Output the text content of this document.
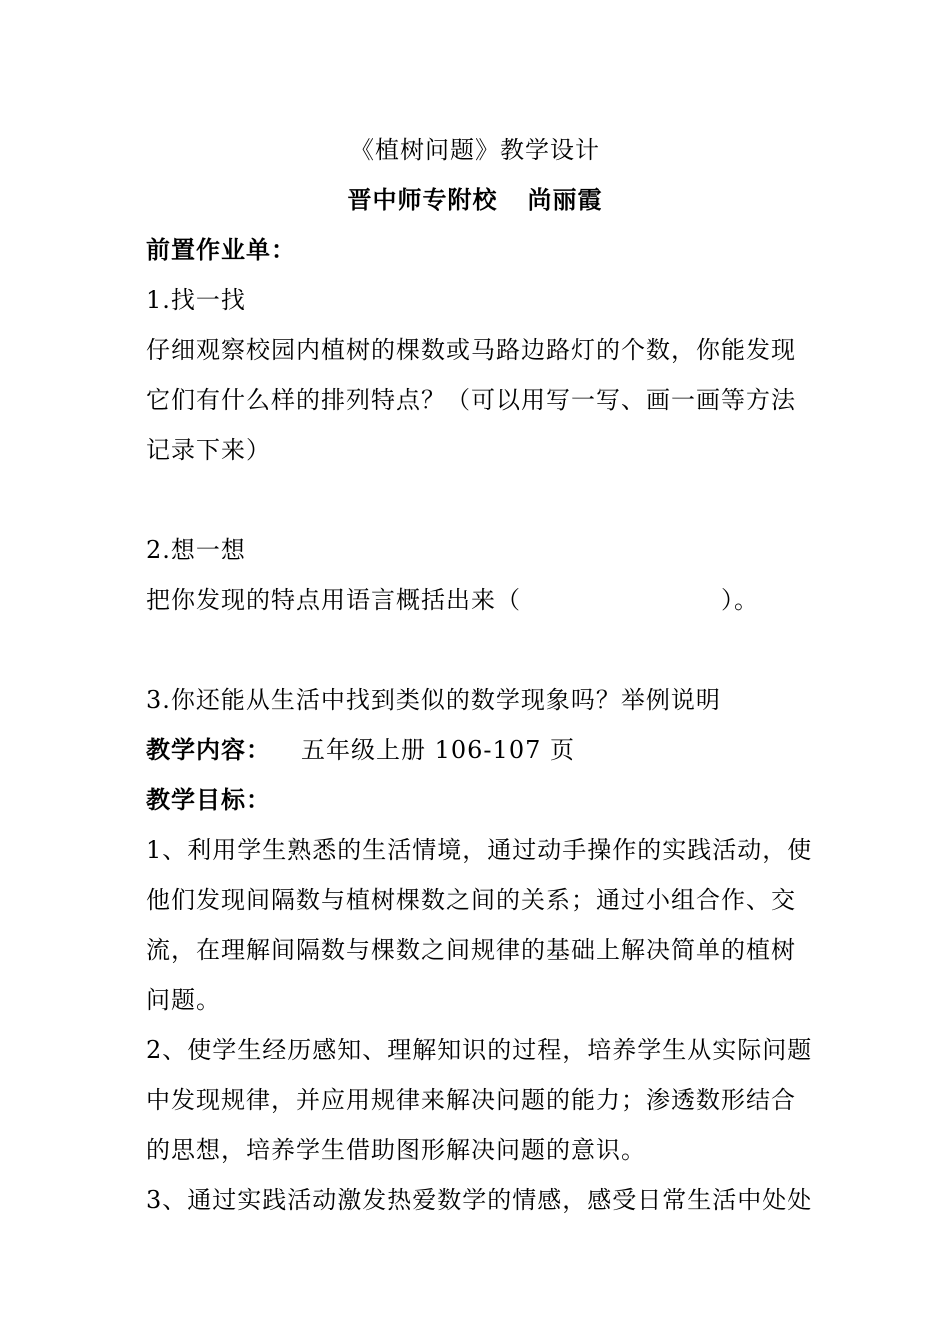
《植树问题》教学设计
晋中师专附校 尚丽霞
前置作业单：
1.找一找
仔细观察校园内植树的棵数或马路边路灯的个数，你能发现
它们有什么样的排列特点？（可以用写一写、画一画等方法
记录下来）
2.想一想
把你发现的特点用语言概括出来（	）。
3.你还能从生活中找到类似的数学现象吗？举例说明
教学内容： 五年级上册 106-107 页
教学目标：
1、利用学生熟悉的生活情境，通过动手操作的实践活动，使
他们发现间隔数与植树棵数之间的关系；通过小组合作、交
流，在理解间隔数与棵数之间规律的基础上解决简单的植树
问题。
2、使学生经历感知、理解知识的过程，培养学生从实际问题
中发现规律，并应用规律来解决问题的能力；渗透数形结合
的思想，培养学生借助图形解决问题的意识。
3、通过实践活动激发热爱数学的情感，感受日常生活中处处
